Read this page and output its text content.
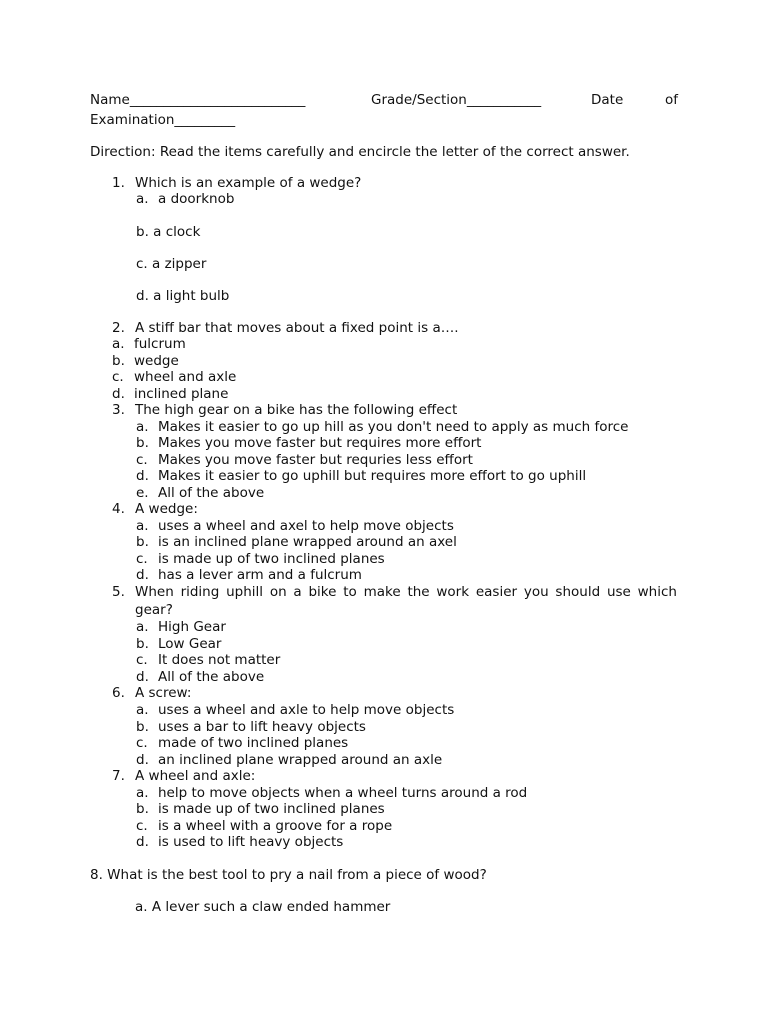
Name__________________________	Grade/Section___________	Date	of
Examination_________
Direction: Read the items carefully and encircle the letter of the correct answer.
1. Which is an example of a wedge?
a. a doorknob
b. a clock
c. a zipper
d. a light bulb
2. A stiff bar that moves about a fixed point is a….
a. fulcrum
b. wedge
c. wheel and axle
d. inclined plane
3. The high gear on a bike has the following effect
a. Makes it easier to go up hill as you don't need to apply as much force
b. Makes you move faster but requires more effort
c. Makes you move faster but requries less effort
d. Makes it easier to go uphill but requires more effort to go uphill
e. All of the above
4. A wedge:
a. uses a wheel and axel to help move objects
b. is an inclined plane wrapped around an axel
c. is made up of two inclined planes
d. has a lever arm and a fulcrum
5. When riding uphill on a bike to make the work easier you should use which
gear?
a. High Gear
b. Low Gear
c. It does not matter
d. All of the above
6. A screw:
a. uses a wheel and axle to help move objects
b. uses a bar to lift heavy objects
c. made of two inclined planes
d. an inclined plane wrapped around an axle
7. A wheel and axle:
a. help to move objects when a wheel turns around a rod
b. is made up of two inclined planes
c. is a wheel with a groove for a rope
d. is used to lift heavy objects
8. What is the best tool to pry a nail from a piece of wood?
a. A lever such a claw ended hammer
